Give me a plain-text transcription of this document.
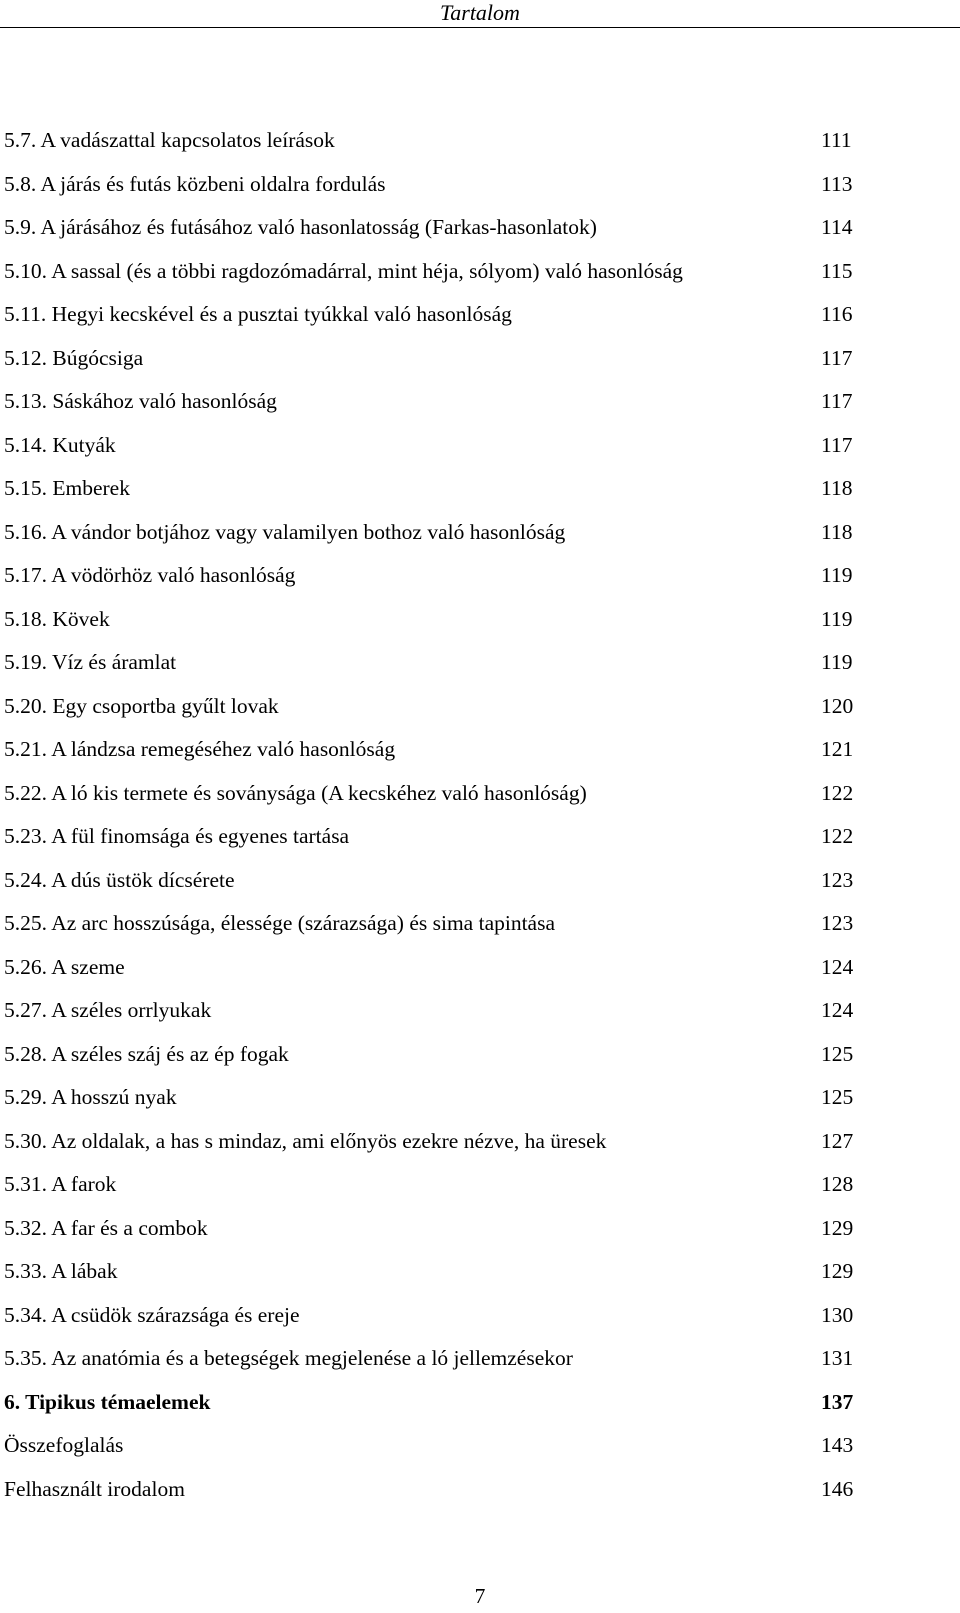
Tartalom
5.7. A vadászattal kapcsolatos leírások	111
5.8. A járás és futás közbeni oldalra fordulás	113
5.9. A járásához és futásához való hasonlatosság (Farkas-hasonlatok)	114
5.10. A sassal (és a többi ragdozómadárral, mint héja, sólyom) való hasonlóság	115
5.11. Hegyi kecskével és a pusztai tyúkkal való hasonlóság	116
5.12. Búgócsiga	117
5.13. Sáskához való hasonlóság	117
5.14. Kutyák	117
5.15. Emberek	118
5.16. A vándor botjához vagy valamilyen bothoz való hasonlóság	118
5.17. A vödörhöz való hasonlóság	119
5.18. Kövek	119
5.19. Víz és áramlat	119
5.20. Egy csoportba gyűlt lovak	120
5.21. A lándzsa remegéséhez való hasonlóság	121
5.22. A ló kis termete és soványsága (A kecskéhez való hasonlóság)	122
5.23. A fül finomsága és egyenes tartása	122
5.24. A dús üstök dícsérete	123
5.25. Az arc hosszúsága, élessége (szárazsága) és sima tapintása	123
5.26. A szeme	124
5.27. A széles orrlyukak	124
5.28. A széles száj és az ép fogak	125
5.29. A hosszú nyak	125
5.30. Az oldalak, a has s mindaz, ami előnyös ezekre nézve, ha üresek	127
5.31. A farok	128
5.32. A far és a combok	129
5.33. A lábak	129
5.34. A csüdök szárazsága és ereje	130
5.35. Az anatómia és a betegségek megjelenése a ló jellemzésekor	131
6. Tipikus témaelemek	137
Összefoglalás	143
Felhasznált irodalom	146
7
